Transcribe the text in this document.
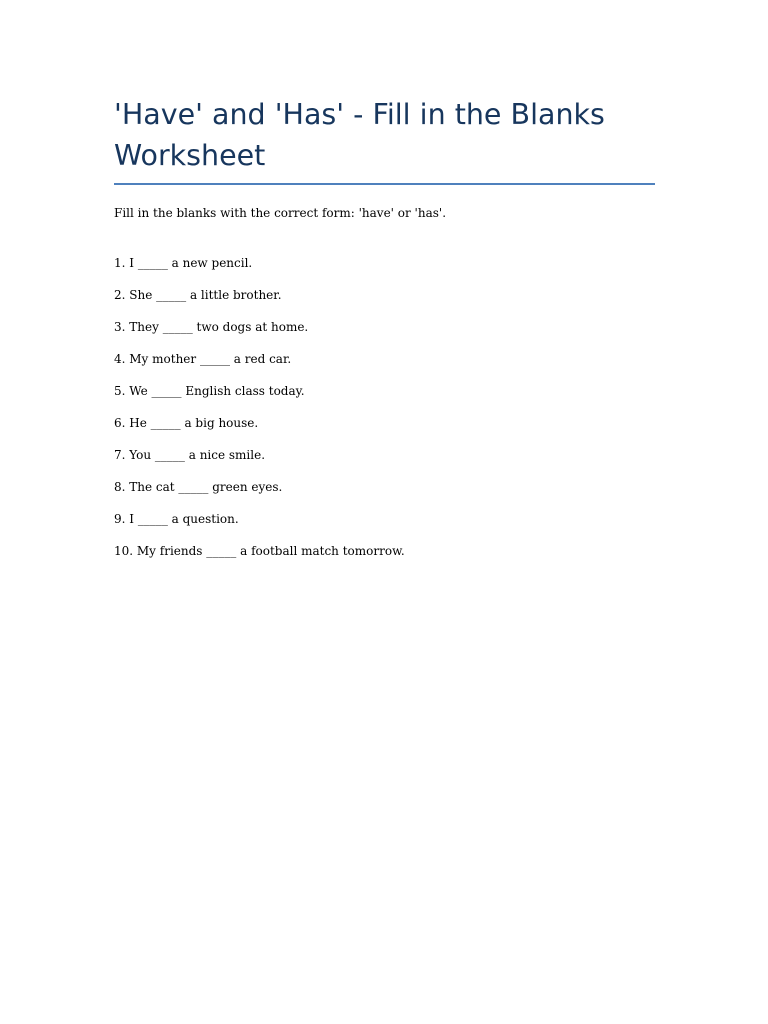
'Have' and 'Has' - Fill in the Blanks Worksheet

Fill in the blanks with the correct form: 'have' or 'has'.

1. I _____ a new pencil.
2. She _____ a little brother.
3. They _____ two dogs at home.
4. My mother _____ a red car.
5. We _____ English class today.
6. He _____ a big house.
7. You _____ a nice smile.
8. The cat _____ green eyes.
9. I _____ a question.
10. My friends _____ a football match tomorrow.
